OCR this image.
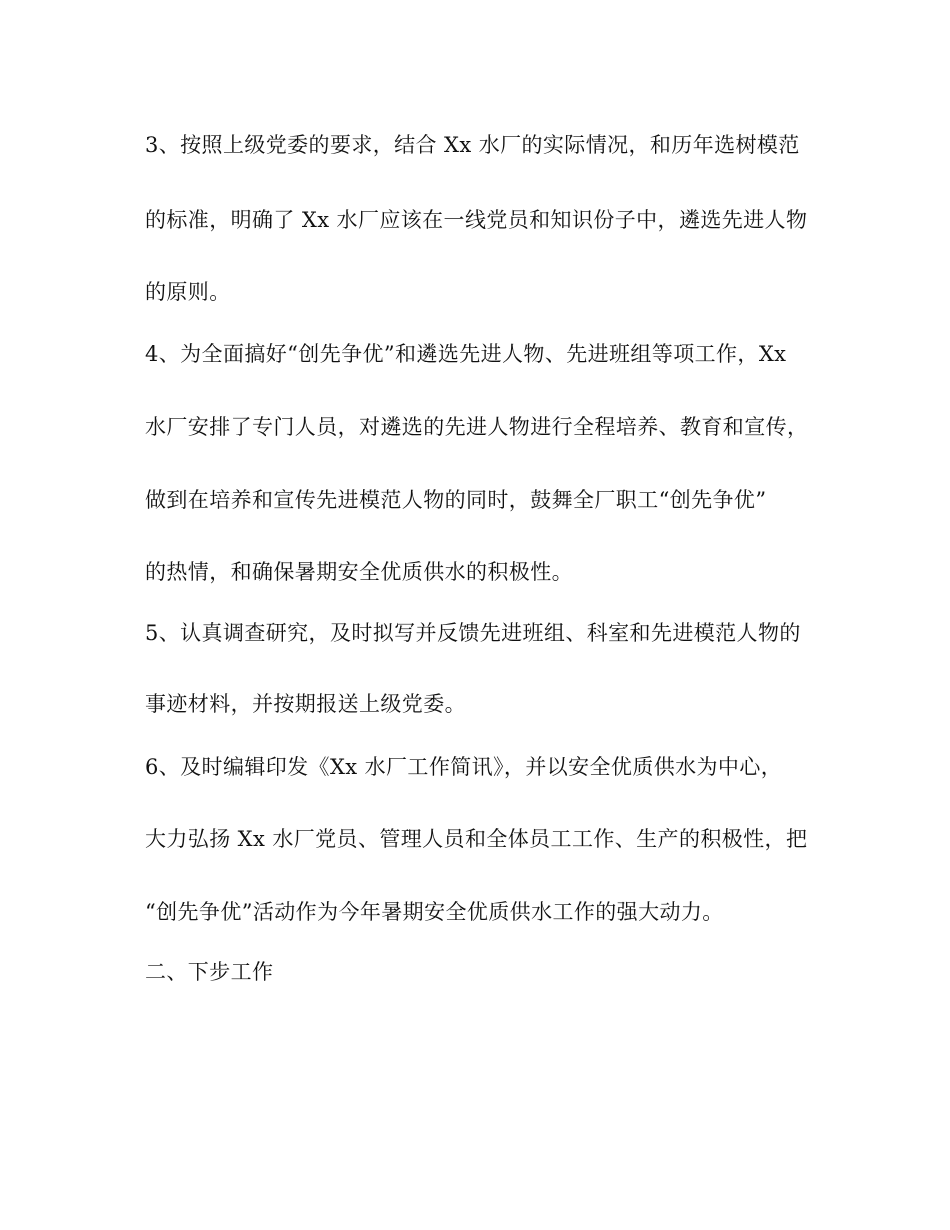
3、按照上级党委的要求，结合 Xx 水厂的实际情况，和历年选树模范
的标准，明确了 Xx 水厂应该在一线党员和知识份子中，遴选先进人物
的原则。
4、为全面搞好“创先争优”和遴选先进人物、先进班组等项工作，Xx
水厂安排了专门人员，对遴选的先进人物进行全程培养、教育和宣传，
做到在培养和宣传先进模范人物的同时，鼓舞全厂职工“创先争优”
的热情，和确保暑期安全优质供水的积极性。
5、认真调查研究，及时拟写并反馈先进班组、科室和先进模范人物的
事迹材料，并按期报送上级党委。
6、及时编辑印发《Xx 水厂工作简讯》，并以安全优质供水为中心，
大力弘扬 Xx 水厂党员、管理人员和全体员工工作、生产的积极性，把
“创先争优”活动作为今年暑期安全优质供水工作的强大动力。
二、下步工作
